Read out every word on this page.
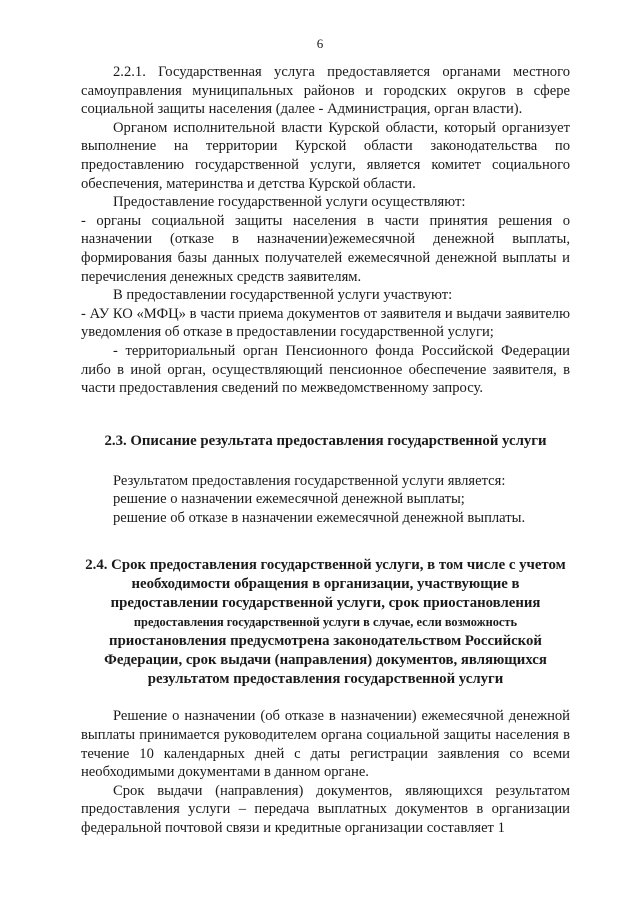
6

2.2.1. Государственная услуга предоставляется органами местного самоуправления муниципальных районов и городских округов в сфере социальной защиты населения (далее - Администрация, орган власти).

Органом исполнительной власти Курской области, который организует выполнение на территории Курской области законодательства по предоставлению государственной услуги, является комитет социального обеспечения, материнства и детства Курской области.

Предоставление государственной услуги осуществляют:

- органы социальной защиты населения в части принятия решения о назначении (отказе в назначении)ежемесячной денежной выплаты, формирования базы данных получателей ежемесячной денежной выплаты и перечисления денежных средств заявителям.

В предоставлении государственной услуги участвуют:

- АУ КО «МФЦ» в части приема документов от заявителя и выдачи заявителю уведомления об отказе в предоставлении государственной услуги;

- территориальный орган Пенсионного фонда Российской Федерации либо в иной орган, осуществляющий пенсионное обеспечение заявителя, в части предоставления сведений по межведомственному запросу.

2.3. Описание результата предоставления государственной услуги

Результатом предоставления государственной услуги является:

решение о назначении ежемесячной денежной выплаты;

решение об отказе в назначении ежемесячной денежной выплаты.

2.4. Срок предоставления государственной услуги, в том числе с учетом необходимости обращения в организации, участвующие в предоставлении государственной услуги, срок приостановления
предоставления государственной услуги в случае, если возможность
приостановления предусмотрена законодательством Российской Федерации, срок выдачи (направления) документов, являющихся результатом предоставления государственной услуги

Решение о назначении (об отказе в назначении) ежемесячной денежной выплаты принимается руководителем органа социальной защиты населения в течение 10 календарных дней с даты регистрации заявления со всеми необходимыми документами в данном органе.

Срок выдачи (направления) документов, являющихся результатом предоставления услуги – передача выплатных документов в организации федеральной почтовой связи и кредитные организации составляет 1
